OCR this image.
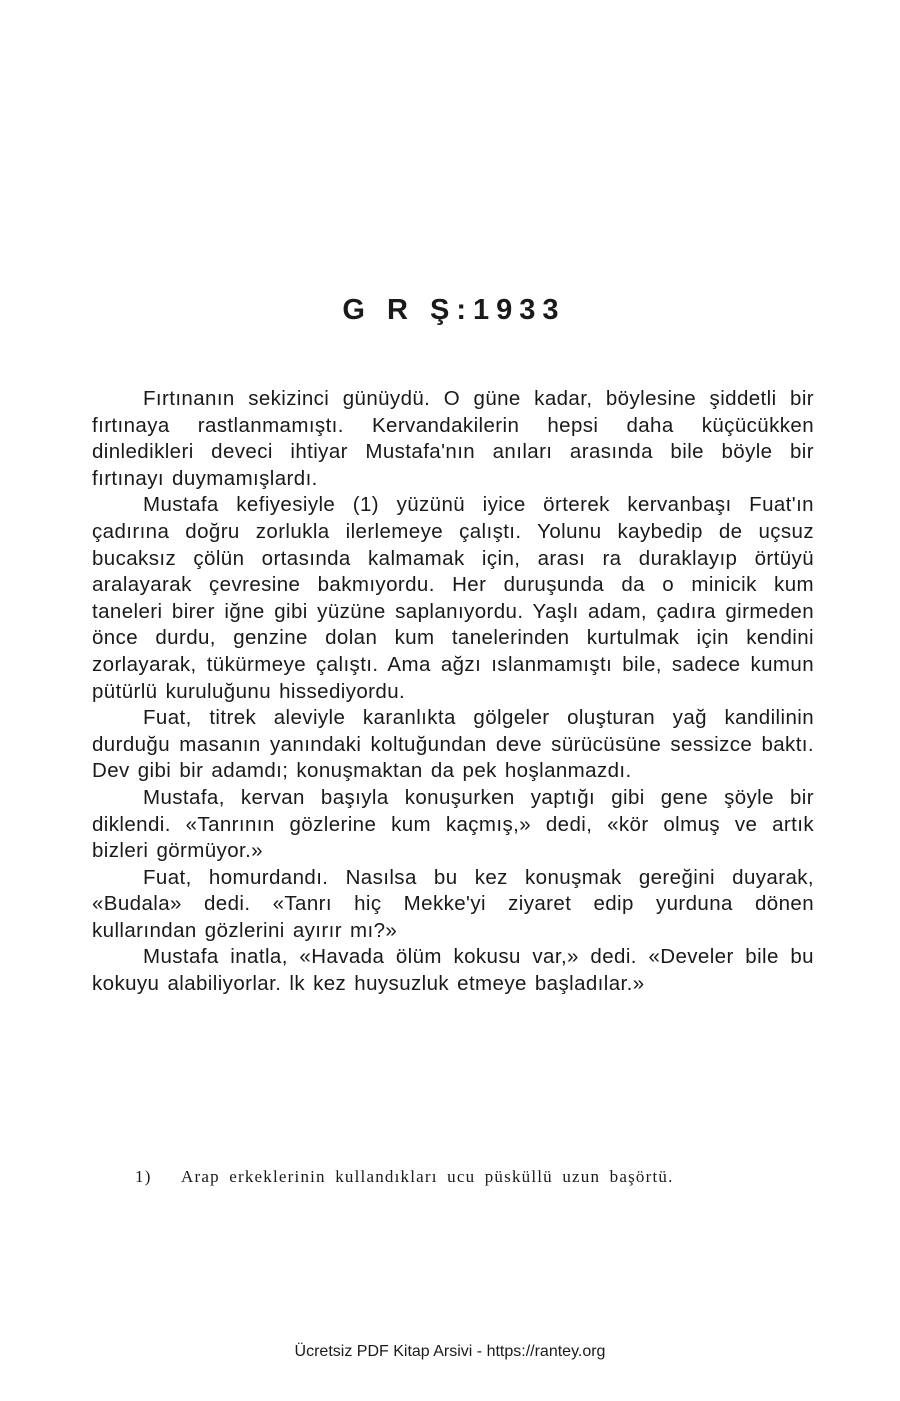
G R Ş:1933

Fırtınanın sekizinci günüydü. O güne kadar, böylesine şiddetli bir fırtınaya rastlanmamıştı. Kervandakilerin hepsi daha küçücükken dinledikleri deveci ihtiyar Mustafa'nın anıları arasında bile böyle bir fırtınayı duymamışlardı.

Mustafa kefiyesiyle (1) yüzünü iyice örterek kervanbaşı Fuat'ın çadırına doğru zorlukla ilerlemeye çalıştı. Yolunu kaybedip de uçsuz bucaksız çölün ortasında kalmamak için, arası ra duraklayıp örtüyü aralayarak çevresine bakmıyordu. Her duruşunda da o minicik kum taneleri birer iğne gibi yüzüne saplanıyordu. Yaşlı adam, çadıra girmeden önce durdu, genzine dolan kum tanelerinden kurtulmak için kendini zorlayarak, tükürmeye çalıştı. Ama ağzı ıslanmamıştı bile, sadece kumun pütürlü kuruluğunu hissediyordu.

Fuat, titrek aleviyle karanlıkta gölgeler oluşturan yağ kandilinin durduğu masanın yanındaki koltuğundan deve sürücüsüne sessizce baktı. Dev gibi bir adamdı; konuşmaktan da pek hoşlanmazdı.

Mustafa, kervan başıyla konuşurken yaptığı gibi gene şöyle bir diklendi. «Tanrının gözlerine kum kaçmış,» dedi, «kör olmuş ve artık bizleri görmüyor.»

Fuat, homurdandı. Nasılsa bu kez konuşmak gereğini duyarak, «Budala» dedi. «Tanrı hiç Mekke'yi ziyaret edip yurduna dönen kullarından gözlerini ayırır mı?»

Mustafa inatla, «Havada ölüm kokusu var,» dedi. «Develer bile bu kokuyu alabiliyorlar. lk kez huysuzluk etmeye başladılar.»

1) Arap erkeklerinin kullandıkları ucu püsküllü uzun başörtü.

Ücretsiz PDF Kitap Arsivi - https://rantey.org
